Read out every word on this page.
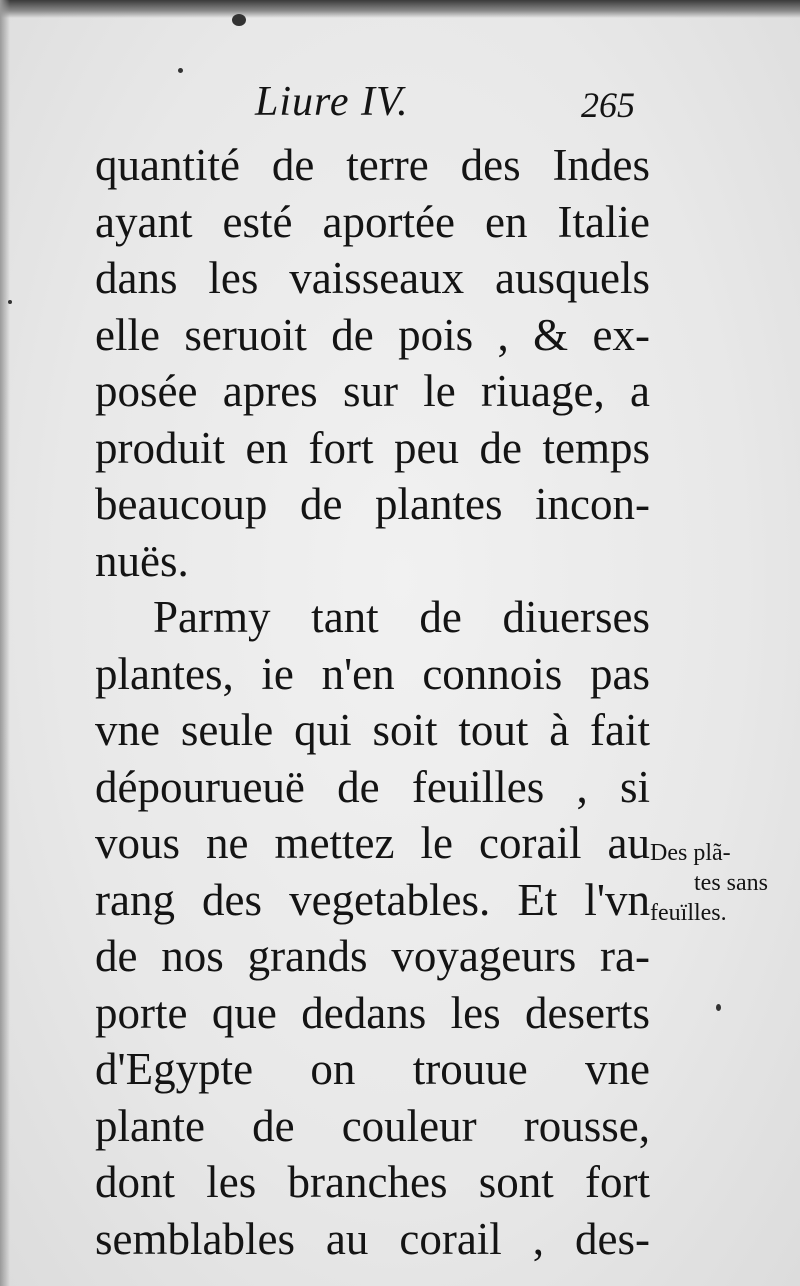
Liure IV.	265
quantité de terre des Indes
ayant esté aportée en Italie
dans les vaisseaux ausquels
elle seruoit de pois , & ex-
posée apres sur le riuage, a
produit en fort peu de temps
beaucoup de plantes incon-
nuës.
Parmy tant de diuerses
plantes, ie n'en connois pas
vne seule qui soit tout à fait
dépourueuë de feuilles , si
vous ne mettez le corail au
rang des vegetables. Et l'vn
de nos grands voyageurs ra-
porte que dedans les deserts
d'Egypte on trouue vne
plante de couleur rousse,
dont les branches sont fort
semblables au corail , des-
Des plã-
tes sans
feuïlles.
